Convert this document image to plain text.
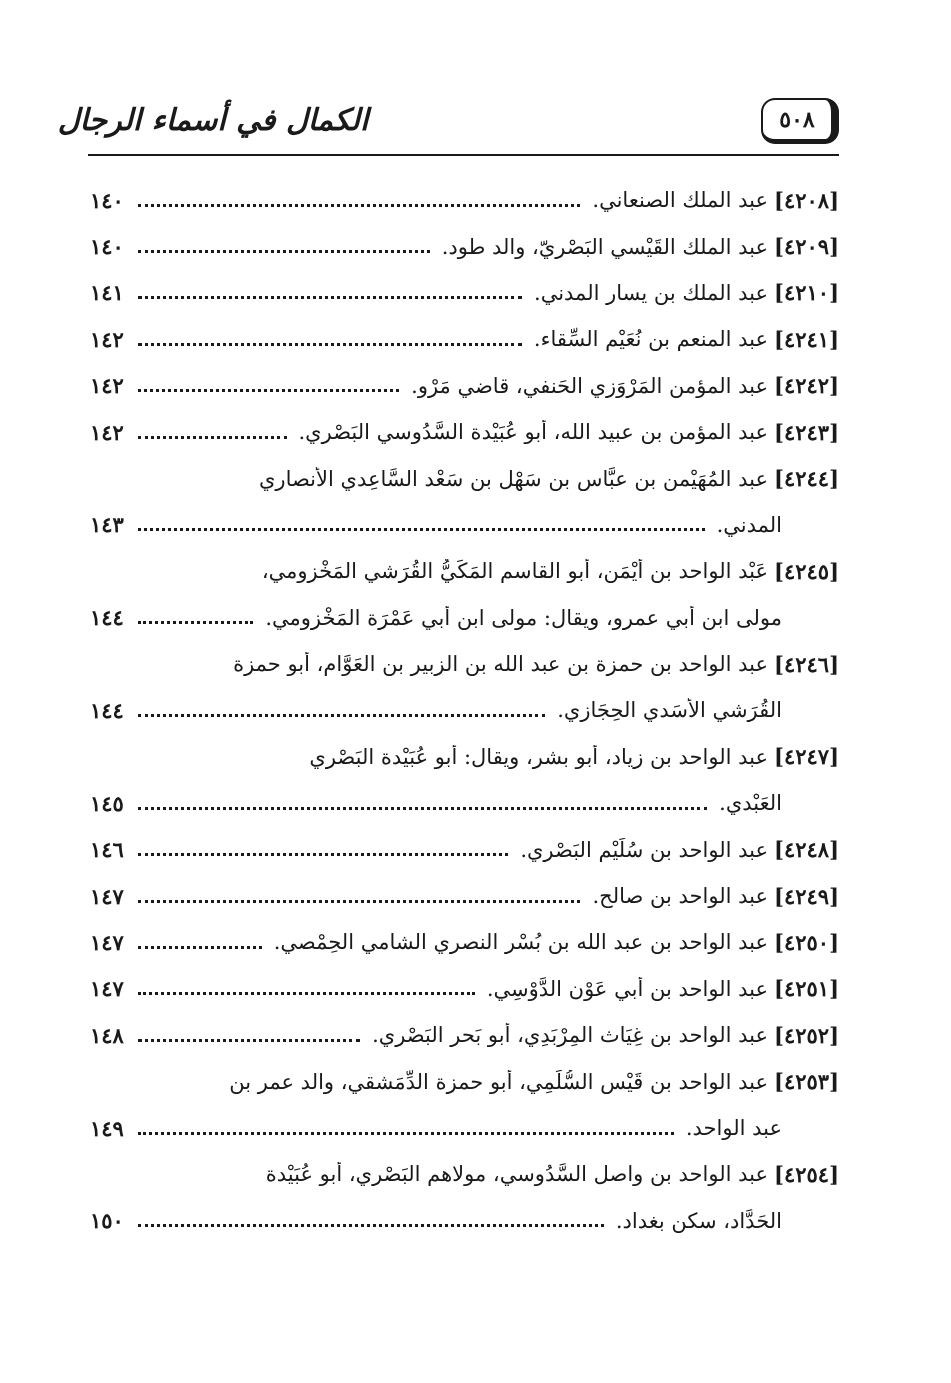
٥٠٨
الكمال في أسماء الرجال
[٤٢٠٨]
عبد الملك الصنعاني.
١٤٠
[٤٢٠٩]
عبد الملك القَيْسي البَصْريّ، والد طود.
١٤٠
[٤٢١٠]
عبد الملك بن يسار المدني.
١٤١
[٤٢٤١]
عبد المنعم بن نُعَيْم السِّقاء.
١٤٢
[٤٢٤٢]
عبد المؤمن المَرْوَزي الحَنفي، قاضي مَرْو.
١٤٢
[٤٢٤٣]
عبد المؤمن بن عبيد الله، أبو عُبَيْدة السَّدُوسي البَصْري.
١٤٢
[٤٢٤٤]
عبد المُهَيْمن بن عبَّاس بن سَهْل بن سَعْد السَّاعِدي الأنصاري
المدني.
١٤٣
[٤٢٤٥]
عَبْد الواحد بن أَيْمَن، أبو القاسم المَكِّيُّ القُرَشي المَخْزومي،
مولى ابن أبي عمرو، ويقال: مولى ابن أبي عَمْرَة المَخْزومي.
١٤٤
[٤٢٤٦]
عبد الواحد بن حمزة بن عبد الله بن الزبير بن العَوَّام، أبو حمزة
القُرَشي الأَسَدي الحِجَازي.
١٤٤
[٤٢٤٧]
عبد الواحد بن زياد، أبو بشر، ويقال: أبو عُبَيْدة البَصْري
العَبْدي.
١٤٥
[٤٢٤٨]
عبد الواحد بن سُلَيْم البَصْري.
١٤٦
[٤٢٤٩]
عبد الواحد بن صالح.
١٤٧
[٤٢٥٠]
عبد الواحد بن عبد الله بن بُسْر النصري الشامي الحِمْصي.
١٤٧
[٤٢٥١]
عبد الواحد بن أبي عَوْن الدَّوْسِي.
١٤٧
[٤٢٥٢]
عبد الواحد بن غِيَاث المِرْبَدِي، أبو بَحر البَصْري.
١٤٨
[٤٢٥٣]
عبد الواحد بن قَيْس السُّلَمِي، أبو حمزة الدِّمَشقي، والد عمر بن
عبد الواحد.
١٤٩
[٤٢٥٤]
عبد الواحد بن واصل السَّدُوسي، مولاهم البَصْري، أبو عُبَيْدة
الحَدَّاد، سكن بغداد.
١٥٠
